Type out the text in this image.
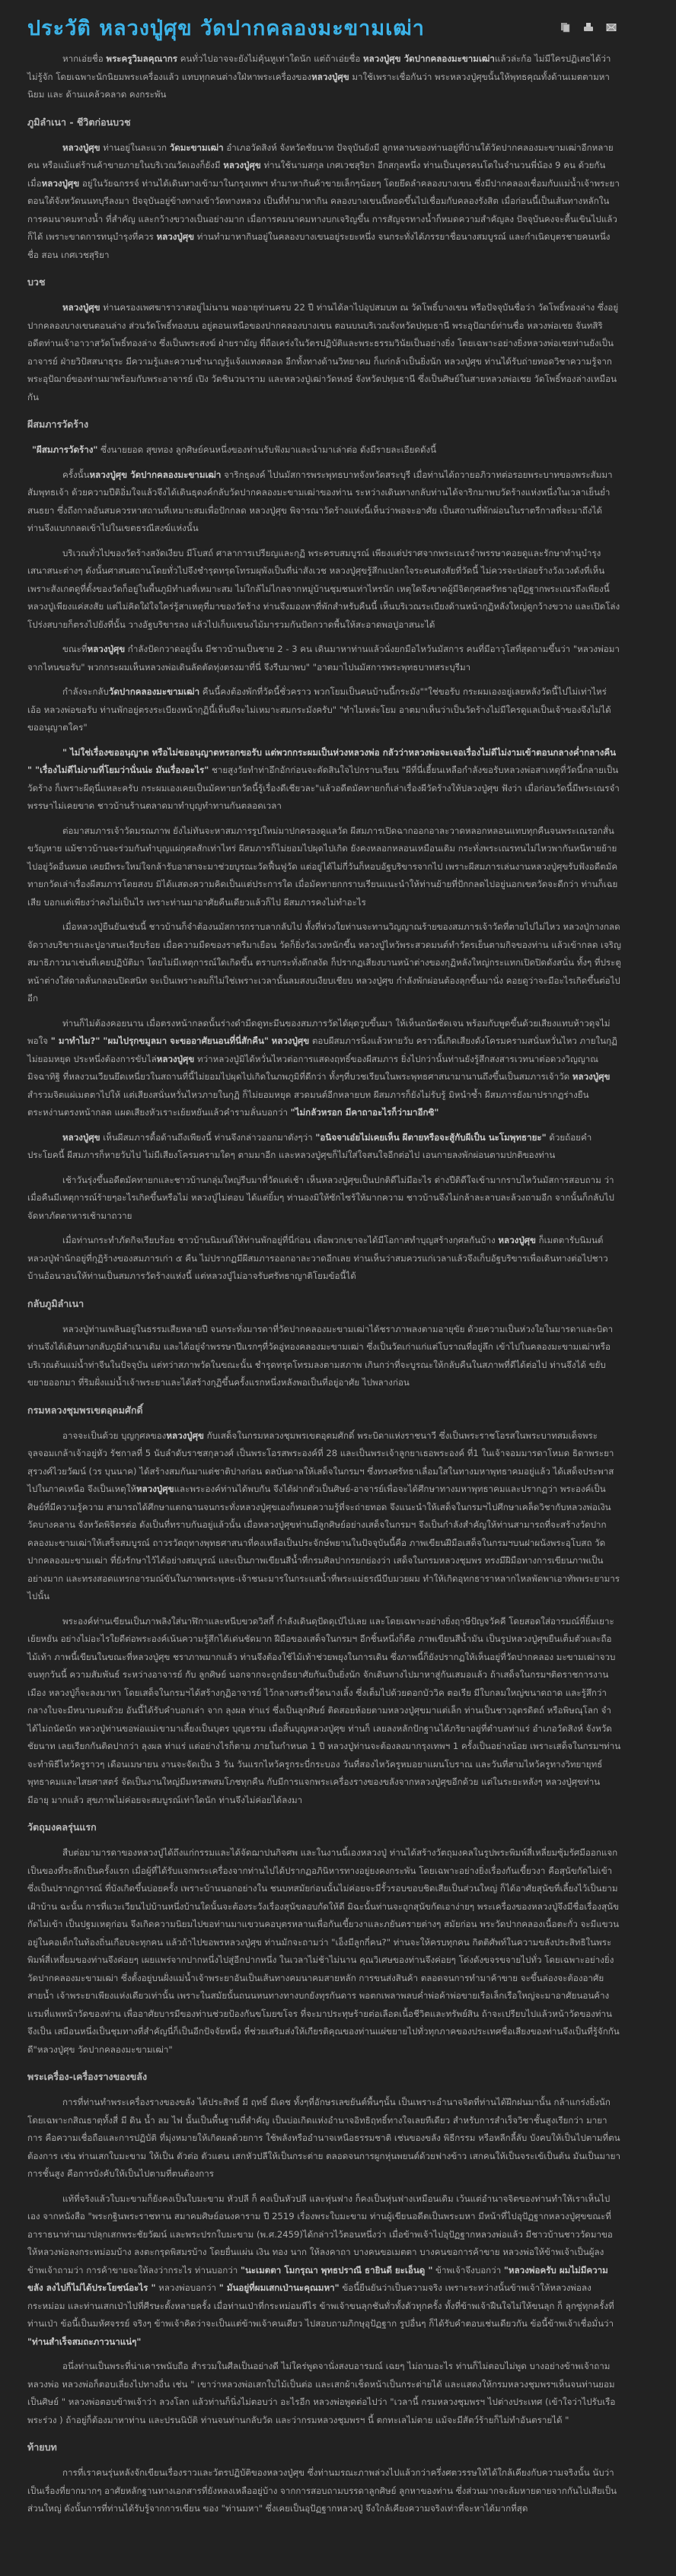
ประวัติ หลวงปู่ศุข วัดปากคลองมะขามเฒ่า

หากเอ่ยชื่อ พระครูวิมลคุณากร คนทั่วไปอาจจะยังไม่คุ้นหูเท่าใดนัก แต่ถ้าเอ่ยชื่อ หลวงปู่ศุข วัดปากคลองมะขามเฒ่าแล้วล่ะก้อ ไม่มีใครปฏิเสธได้ว่าไม่รู้จัก โดยเฉพาะนักนิยมพระเครื่องแล้ว แทบทุกคนต่างใฝ่หาพระเครื่องของหลวงปู่ศุข มาใช้เพราะเชื่อกันว่า พระหลวงปู่ศุขนั้นให้พุทธคุณทั้งด้านเมตตามหานิยม และ ด้านแคล้วคลาด คงกระพัน

ภูมิลำเนา - ชีวิตก่อนบวช

หลวงปู่ศุข ท่านอยู่ในละแวก วัดมะขามเฒ่า อำเภอวัดสิงห์ จังหวัดชัยนาท ปัจจุบันยังมี ลูกหลานของท่านอยู่ที่บ้านใต้วัดปากคลองมะขามเฒ่าอีกหลายคน หรือแม้แต่ร้านค้าขายภายในบริเวณวัดเองก็ยังมี หลวงปู่ศุข ท่านใช้นามสกุล เกศเวชสุริยา อีกสกุลหนึ่ง ท่านเป็นบุตรคนโตในจำนวนพี่น้อง 9 คน ด้วยกัน เมื่อหลวงปู่ศุข อยู่ในวัยฉกรรจ์ ท่านได้เดินทางเข้ามาในกรุงเทพฯ ทำมาหากินค้าขายเล็กๆน้อยๆ โดยยึดลำคลองบางเขน ซึ่งมีปากคลองเชื่อมกับแม่น้ำเจ้าพระยาตอนใต้จังหวัดนนทบุรีลงมา ปัจจุบันอยู่ข้างทางเข้าวัดทางหลวง เป็นที่ทำมาหากิน คลองบางเขนนี้ทอดขึ้นไปเชื่อมกับคลองรังสิต เมื่อก่อนนี้เป็นเส้นทางหลักในการคมนาคมทางน้ำ ที่สำคัญ และกว้างขวางเป็นอย่างมาก เมื่อการคมนาคมทางบกเจริญขึ้น การสัญจรทางน้ำก็หมดความสำคัญลง ปัจจุบันคงจะตื้นเขินไปแล้วก็ได้ เพราะขาดการทนุบำรุงที่ควร หลวงปู่ศุข ท่านทำมาหากินอยู่ในคลองบางเขนอยู่ระยะหนึ่ง จนกระทั่งได้ภรรยาชื่อนางสมบูรณ์ และกำเนิดบุตรชายคนหนึ่งชื่อ สอน เกศเวชสุริยา

บวช

หลวงปู่ศุข ท่านครองเพศฆาราวาสอยู่ไม่นาน พออายุท่านครบ 22 ปี ท่านได้ลาไปอุปสมบท ณ วัดโพธิ์บางเขน หรือปัจจุบันชื่อว่า วัดโพธิ์ทองล่าง ซึ่งอยู่ปากคลองบางเขนตอนล่าง ส่วนวัดโพธิ์ทองบน อยู่ตอนเหนือของปากคลองบางเขน ตอนบนบริเวณจังหวัดปทุมธานี พระอุปัฌาย์ท่านชื่อ หลวงพ่อเชย จันทสิริ อดีตท่านเจ้าอาวาสวัดโพธิ์ทองล่าง ซึ่งเป็นพระสงฆ์ ฝ่ายรามัญ ที่ถือเคร่งในวัตรปฏิบัติและพระธรรมวินัยเป็นอย่างยิ่ง โดยเฉพาะอย่างยิ่งหลวงพ่อเชยท่านยังเป็นอาจารย์ ฝ่ายวิปัสสนาธุระ มีความรู้และความชำนาญรู้แจ้งแทงตลอด อีกทั้งทางด้านวิทยาคม ก็แก่กล้าเป็นยิ่งนัก หลวงปู่ศุข ท่านได้รับถ่ายทอดวิชาความรู้จากพระอุปัฌาย์ของท่านมาพร้อมกับพระอาจารย์ เปิง วัดชินวนาราม และหลวงปู่เฒ่าวัดหงษ์ จังหวัดปทุมธานี ซึ่งเป็นศิษย์ในสายหลวงพ่อเชย วัดโพธิ์ทองล่างเหมือนกัน

ผีสมภารวัดร้าง

"ผีสมภารวัดร้าง" ซึ่งนายยอด สุขทอง ลูกศิษย์คนหนึ่งของท่านรับฟังมาและนำมาเล่าต่อ ดังมีรายละเอียดดังนี้

ครั้งนั้นหลวงปู่ศุข วัดปากคลองมะขามเฒ่า จาริกธุดงค์ ไปนมัสการพระพุทธบาทจังหวัดสระบุรี เมื่อท่านได้ถวายอภิวาทต่อรอยพระบาทของพระสัมมาสัมพุทธเจ้า ด้วยความปีติอิ่มใจแล้วจึงได้เดินธุดงค์กลับวัดปากคลองมะขามเฒ่าของท่าน ระหว่างเดินทางกลับท่านได้จาริกมาพบวัดร้างแห่งหนึ่งในเวลาเย็นย่ำสนธยา ซึ่งถึงกาลอันสมควรหาสถานที่เหมาะสมเพื่อปักกลด หลวงปู่ศุข พิจารณาวัดร้างแห่งนี้เห็นว่าพอจะอาศัย เป็นสถานที่พักผ่อนในราตรีกาลที่จะมาถึงได้ ท่านจึงแบกกลดเข้าไปในเขตธรณีสงฆ์แห่งนั้น

บริเวณทั่วไปของวัดร้างสงัดเงียบ มีโบสถ์ ศาลาการเปรียญและกุฏิ พระครบสมบูรณ์ เพียงแต่ปราศจากพระเณรจำพรรษาคอยดูและรักษาทำนุบำรุง เสนาสนะต่างๆ ดังนั้นศาสนสถานโดยทั่วไปจึงชำรุดทรุดโทรมผุพังเป็นที่น่าสังเวช หลวงปู่ศุขรู้สึกแปลกใจระคนสงสัยที่วัดนี้ ไม่ควรจะปล่อยร้างวังเวงดังที่เห็น เพราะสังเกตดูที่ตั้งของวัดก็อยู่ในพื้นภูมิทำเลที่เหมาะสม ไม่ใกล้ไม่ไกลจากหมู่บ้านชุมชนเท่าไหรนัก เหตุใดจึงขาดผู้มีจิตกุศลศรัทธาอุปัฏฐากพระเณรถึงเพียงนี้ หลวงปู่เพียงแค่สงสัย แต่ไม่คิดใฝ่ใจใคร่รู้สาเหตุที่มาของวัดร้าง ท่านจึงมองหาที่พักสำหรับคืนนี้ เห็นบริเวณระเบียงด้านหน้ากุฏิหลังใหญ่ดูกว้างขวาง และเปิดโล่งโปร่งสบายก็ตรงไปยังที่นั้น วางอัฐบริขารลง แล้วไปเก็บแขนงไม้มารวมกันปัดกวาดพื้นให้สะอาดพอปูอาสนะได้

ขณะที่หลวงปู่ศุข กำลังปัดกวาดอยู่นั้น มีชาวบ้านเป็นชาย 2 - 3 คน เดินมาหาท่านแล้วนั่งยกมือไหว้นมัสการ คนที่มีอาวุโสที่สุดถามขึ้นว่า "หลวงพ่อมาจากไหนขอรับ" พวกกระผมเห็นหลวงพ่อเดินลัดตัดทุ่งตรงมาที่นี่ จึงรีบมาพบ" "อาตมาไปนมัสการพระพุทธบาทสระบุรีมา

กำลังจะกลับวัดปากคลองมะขามเฒ่า คืนนี้คงต้องพักที่วัดนี้ชั่วคราว พวกโยมเป็นคนบ้านนี้กระมัง""ใช่ขอรับ กระผมเองอยู่เลยหลังวัดนี้ไปไม่เท่าไหร่ เอ้อ หลวงพ่อขอรับ ท่านพักอยู่ตรงระเบียงหน้ากุฏินี้เห็นทีจะไม่เหมาะสมกระมังครับ" "ทำไมหล่ะโยม อาตมาเห็นว่าเป็นวัดร้างไม่มีใครดูแลเป็นเจ้าของจึงไม่ได้ขออนุญาตใคร"

" ไม่ใช่เรื่องขออนุญาต หรือไม่ขออนุญาตหรอกขอรับ แต่พวกกระผมเป็นห่วงหลวงพ่อ กลัวว่าหลวงพ่อจะเจอเรื่องไม่ดีไม่งามเข้าตอนกลางค่ำกลางคืน " "เรื่องไม่ดีไม่งามที่โยมว่านั่นน่ะ มันเรื่องอะไร" ชายสูงวัยทำท่าอึกอักก่อนจะตัดสินใจไปกราบเรียน "ผีที่นี่เฮี้ยนเหลือกำลังขอรับหลวงพ่อสาเหตุที่วัดนี้กลายเป็นวัดร้าง ก็เพราะผีดุนี่แหละครับ กระผมเองเคยเป็นมัคทายกวัดนี้รู้เรื่องดีเชียวละ"แล้วอดีตมัคทายกก็เล่าเรื่องผีวัดร้างให้ปลวงปู่ศุข ฟังว่า เมื่อก่อนวัดนี้มีพระเณรจำพรรษาไม่เคยขาด ชาวบ้านร้านตลาดมาทำบุญทำทานกันตลอดเวลา

ต่อมาสมภารเจ้าวัดมรณภาพ ยังไม่ทันจะหาสมภารรูปใหม่มาปกครองดูแลวัด ผีสมภารเปิดฉากออกอาละวาดหลอกหลอนแทบทุกคืนจนพระเณรอกสั่นขวัญหาย แม้ชาวบ้านจะร่วมกันทำบุญแผ่กุศลสักเท่าไหร่ ผีสมภารก็ไม่ยอมไปผุดไปเกิด ยังคงหลอกหลอนเหมือนเดิม กระทั่งพระเณรทนไม่ไหวพากันหนีหายย้ายไปอยู่วัดอื่นหมด เคยมีพระใหม่ใจกล้ารับอาสาจะมาช่วยบูรณะวัดฟื้นฟูวัด แต่อยู่ได้ไม่กี่วันก็หอบอัฐบริขารจากไป เพราะผีสมภารเล่นงานหลวงปู่ศุขรับฟังอดีตมัคทายกวัดเล่าเรื่องผีสมภารโดยสงบ มิได้แสดงความคิดเป็นแต่ประการใด เมื่อมัคทายกกราบเรียนแนะนำให้ท่านย้ายที่ปักกลดไปอยู่นอกเขตวัดจะดีกว่า ท่านก็เฉยเสีย บอกแต่เพียงว่าคงไม่เป็นไร เพราะท่านมาอาศัยคืนเดียวแล้วก็ไป ผีสมภารคงไม่ทำอะไร

เมื่อหลวงปู่ยืนยันเช่นนี้ ชาวบ้านก็จำต้องนมัสการกราบลากลับไป ทั้งที่ห่วงใยท่านจะทานวิญญาณร้ายของสมภารเจ้าวัดที่ตายไปไม่ไหว หลวงปู่กางกลด จัดวางบริขารและปูอาสนะเรียบร้อย เมื่อความมืดของราตรีมาเยือน วัดก็ยิ่งวังเวงหนักขึ้น หลวงปู่ไหว้พระสวดมนต์ทำวัตรเย็นตามกิจของท่าน แล้วเข้ากลด เจริญสมาธิภาวนาเช่นที่เคยปฏิบัติมา โดยไม่มีเหตุการณ์ใดเกิดขึ้น ตราบกระทั่งดึกสงัด ก็ปรากฏเสียงบานหน้าต่างของกุฏิหลังใหญ่กระแทกเปิดปิดดังสนั่น ทั้งๆ ที่ประตูหน้าต่างใส่ดาลลั่นกลอนปิดสนิท จะเป็นเพราะลมก็ไม่ใช่เพราะเวลานั้นลมสงบเงียบเชียบ หลวงปู่ศุข กำลังพักผ่อนต้องลุกขึ้นมานั่ง คอยดูว่าจะมีอะไรเกิดขึ้นต่อไปอีก

ท่านก็ไม่ต้องคอยนาน เมื่อตรงหน้ากลดนั้นร่างดำมืดดูทะมึนของสมภารวัดได้ผุดวูบขึ้นมา ให้เห็นถนัดชัดเจน พร้อมกับพูดขึ้นด้วยเสียงแทบห้าวดุจไม่พอใจ " มาทำไม?" "ผมไปรุกขมูลมา จะขออาศัยนอนที่นี่สักคืน" หลวงปู่ศุข ตอบผีสมภารนิ่งแล้วหายวับ คราวนี้เกิดเสียงดังโครมครามสนั่นหวั่นไหว ภายในกุฏิไม่ยอมหยุด ประหนึ่งต้องการขับไล่หลวงปู่ศุข ทว่าหลวงปู่มิได้หวั่นไหวต่อการแสดงฤทธิ์ของผีสมภาร ยิ่งไปกว่านั้นท่านยังรู้สึกสงสารเวทนาต่อดวงวิญญาณมิจฉาทิฐิ ที่หลงวนเวียนยึดเหนี่ยวในสถานที่นี้ไม่ยอมไปผุดไปเกิดในภพภูมิที่ดีกว่า ทั้งๆที่บวชเรียนในพระพุทธศาสนามานานถึงขึ้นเป็นสมภารเจ้าวัด หลวงปู่ศุข สำรวมจิตแผ่เมตตาไปให้ แต่เสียงสนั่นหวั่นไหวภายในกุฏิ ก็ไม่ยอมหยุด สวดมนต์อีกหลายบท ผีสมภารก็ยังไม่รับรู้ มิหนำซ้ำ ผีสมภารยังมาปรากฏร่างยืนตระหง่านตรงหน้ากลด แผดเสียงหัวเราะเย้ยหยันแล้วคำรามลั่นบอกว่า "ไม่กลัวหรอก มีคาถาอะไรก็ว่ามาอีกซิ"

หลวงปู่ศุข เห็นผีสมภารดื้อด้านถึงเพียงนี้ ท่านจึงกล่าวออกมาดังๆว่า "อนิจจาเอ๋ยไม่เคยเห็น ผีตายหรือจะสู้กับผีเป็น นะโมพุทธายะ" ด้วยถ้อยคำประโยคนี้ ผีสมภารก็หายวับไป ไม่มีเสียงโครมครามใดๆ ตามมาอีก และหลวงปู่ศุขก็ไม่ใส่ใจสนใจอีกต่อไป เอนกายลงพักผ่อนตามปกติของท่าน

เช้าวันรุ่งขึ้นอดีตมัคทายกและชาวบ้านกลุ่มใหญ่รีบมาที่วัดแต่เช้า เห็นหลวงปู่ศุขเป็นปกติดีไม่มีอะไร ต่างปีติดีใจเข้ามากราบไหว้นมัสการสอบถาม ว่าเมื่อคืนมีเหตุการณ์ร้ายๆอะไรเกิดขึ้นหรือไม่ หลวงปู่ไม่ตอบ ได้แต่ยิ้มๆ ท่านองมิให้ซักไซร้ให้มากความ ชาวบ้านจึงไม่กล้าละลาบละล้วงถามอีก จากนั้นก็กลับไปจัดหาภัตตาหารเช้ามาถวาย

เมื่อท่านกระทำภัตกิจเรียบร้อย ชาวบ้านนิมนต์ให้ท่านพักอยู่ที่นี่ก่อน เพื่อพวกเขาจะได้มีโอกาสทำบุญสร้างกุศลกันบ้าง หลวงปู่ศุข ก็เมตตารับนิมนต์ หลวงปู่พำนักอยู่ที่กุฏิร้างของสมภารเก่า ๕ คืน ไม่ปรากฏมีผีสมภารออกอาละวาดอีกเลย ท่านเห็นว่าสมควรแก่เวลาแล้วจึงเก็บอัฐบริขารเพื่อเดินทางต่อไปชาวบ้านอ้อนวอนให้ท่านเป็นสมภารวัดร้างแห่งนี้ แต่หลวงปู่ไม่อาจรับศรัทธาญาติโยมข้อนี้ได้

กลับภูมิลำเนา

หลวงปู่ท่านเพลินอยู่ในธรรมเสียหลายปี จนกระทั่งมารดาที่วัดปากคลองมะขามเฒ่าได้ชราภาพลงตามอายุขัย ด้วยความเป็นห่วงใยในมารดาและบิดา ท่านจึงได้เดินทางกลับภูมิลำเนาเดิม และได้อยู่จำพรรษาปีแรกๆที่วัดอู่ทองคลองมะขามเฒ่า ซึ่งเป็นวัดเก่าแก่แต่โบราณที่อยู่ลึก เข้าไปในคลองมะขามเฒ่าหรือบริเวณต้นแม่น้ำท่าจีนในปัจจุบัน แต่ทว่าสภาพวัดในขณะนั้น ชำรุดทรุดโทรมลงตามสภาพ เกินกว่าที่จะบูรณะให้กลับคืนในสภาพที่ดีได้ต่อไป ท่านจึงได้ ขยับขยายออกมา ที่ริมฝั่งแม่น้ำเจ้าพระยาและได้สร้างกุฏิขึ้นครั้งแรกหนึ่งหลังพอเป็นที่อยู่อาศัย ไปพลางก่อน

กรมหลวงชุมพรเขตอุดมศักดิ์

อาจจะเป็นด้วย บุญกุศลของหลวงปู่ศุข กับเสด็จในกรมหลวงชุมพรเขตอุดมศักดิ์ พระบิดาแห่งราชนาวี ซึ่งเป็นพระราชโอรสในพระบาทสมเด็จพระจุลจอมเกล้าเจ้าอยู่หัว รัชกาลที่ 5 นับลำดับราชสกุลวงศ์ เป็นพระโอรสพระองค์ที่ 28 และเป็นพระเจ้าลูกยาเธอพระองค์ ที่1 ในเจ้าจอมมารดาโหมด ธิดาพระยาสุรวงศ์ไวยวัฒน์ (วร บุนนาค) ได้สร้างสมกันมาแต่ชาติปางก่อน ดลบันดาลให้เสด็จในกรมฯ ซึ่งทรงศรัทธาเลื่อมใสในทางมหาพุทธาคมอยู่แล้ว ได้เสด็จประพาสไปในภาคเหนือ จึงเป็นเหตุให้หลวงปู่ศุขและพระองค์ท่านได้พบกัน จึงได้ฝากตัวเป็นศิษย์-อาจารย์เพื่อจะได้ศึกษาทางมหาพุทธาคมและปรากฏว่า พระองค์เป็นศิษย์ที่มีความรู้ความ สามารถได้ศึกษาแตกฉานจนกระทั่งหลวงปู่ศุขเองก็หมดความรู้ที่จะถ่ายทอด จึงแนะนำให้เสด็จในกรมฯไปศึกษาเคล็ดวิชากับหลวงพ่อเงินวัดบางคลาน จังหวัดพิจิตรต่อ ดังเป็นที่ทราบกันอยู่แล้วนั้น เมื่อหลวงปู่ศุขท่านมีลูกศิษย์อย่างเสด็จในกรมฯ จึงเป็นกำลังสำคัญให้ท่านสามารถที่จะสร้างวัดปากคลองมะขามเฒ่าให้เสร็จสมบูรณ์ ถาวรวัตถุทางพุทธศาสนาที่คงเหลือเป็นประจักษ์พยานในปัจจุบันนี้คือ ภาพเขียนฝีมือเสด็จในกรมฯบนฝาผนังพระอุโบสถ วัดปากคลองมะขามเฒ่า ที่ยังรักษาไว้ได้อย่างสมบูรณ์ และเป็นภาพเขียนสีน้ำที่กรมศิลปากรยกย่องว่า เสด็จในกรมหลวงชุมพร ทรงมีฝีมือทางการเขียนภาพเป็นอย่างมาก และทรงสอดแทรกอารมณ์ขันในภาพพระพุทธ-เจ้าชนะมารในกระแสน้ำที่พระแม่ธรณีบีบมวยผม ทำให้เกิดอุทกธาราหลากไหลพัดพาเอาทัพพระยามารไปนั้น

พระองค์ท่านเขียนเป็นภาพลิงใส่นาฬิกาและหนีบขวดวิสกี้ กำลังเดินดุปัดดุเป๋ไปเลย และโดยเฉพาะอย่างยิ่งฤาษีปัญจวัคคี โดยสอดใส่อารมณ์ที่ยิ้มเยาะเย้ยหยัน อย่างไม่อะไรใยดีต่อพระองค์เน้นความรู้สึกได้เด่นชัดมาก ฝีมือของเสด็จในกรมฯ อีกชิ้นหนึ่งก็คือ ภาพเขียนสีน้ำมัน เป็นรูปหลวงปู่ศุขยืนเต็มตัวและถือไม้เท้า ภาพนี้เขียนในขณะที่หลวงปู่ศุข ชราภาพมากแล้ว ท่านจึงต้องใช้ไม้เท้าช่วยพยุงในการเดิน ซึ่งภาพนี้ก็ยังปรากฏให้เห็นอยู่ที่วัดปากคลอง มะขามเฒ่าจวบจนทุกวันนี้ ความสัมพันธ์ ระหว่างอาจารย์ กับ ลูกศิษย์ นอกจากจะถูกอัธยาศัยกันเป็นยิ่งนัก จักเดินทางไปมาหาสู่กันเสมอแล้ว ถ้าเสด็จในกรมฯติดราชการงานเมือง หลวงปู่ก็จะลงมาหา โดยเสด็จในกรมฯได้สร้างกุฏิอาจารย์ ไว้กลางสระที่วัดนางเลิ้ง ซึ่งเต็มไปด้วยดอกบัววิค ตอเรีย มีใบกลมใหญ่ขนาดถาด และรู้สึกว่ากลางใบจะมีหนามคมด้วย อันนี้ได้รับคำบอกเล่า จาก ลุงผล ท่าแร่ ซึ่งเป็นลูกศิษย์ ติดสอยห้อยตามหลวงปู่ศุขมาแต่เล็ก ท่านเป็นชาวอุตรดิตถ์ หรือพิษณุโลก จำได้ไม่ถนัดนัก หลวงปู่ท่านขอพ่อแม่เขามาเลี้ยงเป็นบุตร บุญธรรม เมื่อสิ้นบุญหลวงปู่ศุข ท่านก็ เลยลงหลักปักฐานได้ภริยาอยู่ที่ตำบลท่าแร่ อำเภอวัดสิงห์ จังหวัดชัยนาท เลยเรียกกันติดปากว่า ลุงผล ท่าแร่ แต่อย่างไรก็ตาม ภายในกำหนด 1 ปี หลวงปู่ท่านจะต้องลงมากรุงเทพฯ 1 ครั้งเป็นอย่างน้อย เพราะเสด็จในกรมฯท่านจะทำพิธีไหว้ครูราวๆ เดือนเมษายน งานจะจัดเป็น 3 วัน วันแรกไหว้ครูกระบี่กระบอง วันที่สองไหว้ครูหมอยาแผนโบราณ และวันที่สามไหว้ครูทางวิทยายุทธ์ พุทธาคมและไสยศาสตร์ จัดเป็นงานใหญ่มีมหรสพสมโภชทุกคืน กับมีการแจกพระเครื่องรางของขลังจากหลวงปู่ศุขอีกด้วย แต่ในระยะหลังๆ หลวงปู่ศุขท่านมีอายุ มากแล้ว สุขภาพไม่ค่อยจะสมบูรณ์เท่าใดนัก ท่านจึงไม่ค่อยได้ลงมา

วัตถุมงคลรุ่นแรก

สืบต่อมามารดาของหลวงปู่ได้ถึงแก่กรรมและได้จัดฌาปนกิจศพ และในงานนี้เองหลวงปู่ ท่านได้สร้างวัตถุมงคลในรูปพระพิมพ์สี่เหลี่ยมซุ้มรัศมีออกแจกเป็นของที่ระลึกเป็นครั้งแรก เมื่อผู้ที่ได้รับแจกพระเครื่องจากท่านไปได้ปรากฏอภินิหารทางอยู่ยงคงกระพัน โดยเฉพาะอย่างยิ่งเรื่องกันเขี้ยวงา คือสุนัขกัดไม่เข้า ซึ่งเป็นปรากฏการณ์ ที่บังเกิดขึ้นบ่อยครั้ง เพราะบ้านนอกอย่างใน ชนบทสมัยก่อนนั้นไม่ค่อยจะมีรั้วรอบขอบชิดเสียเป็นส่วนใหญ่ ก็ได้อาศัยสุนัขที่เลี้ยงไว้เป็นยามเฝ้าบ้าน ฉะนั้น การที่แวะเวียนไปบ้านหนึ่งบ้านใดนั้นจะต้องระวังเรื่องสุนัขลอบกัดให้ดี มิฉะนั้นท่านจะถูกสุนัขกัดเอาง่ายๆ พระเครื่องของหลวงปู่จึงมีชื่อเรื่องสุนัขกัดไม่เข้า เป็นปฐมเหตุก่อน จึงเกิดความนิยมไปขอท่านมาแขวนคอบุตรหลานเพื่อกันเขี้ยวงาและภยันตรายต่างๆ สมัยก่อน พระวัดปากคลองเนื้อตะกั่ว จะมีแขวนอยู่ในคอเด็กในท้องถิ่นเกือบจะทุกคน แล้วถ้าไปขอพรหลวงปู่ศุข ท่านมักจะถามว่า "เอ็งมีลูกกี่คน?" ท่านจะให้ครบทุกคน กิตติศัพท์ในความขลังประสิทธิในพระพิมพ์สี่เหลี่ยมของท่านจึงค่อยๆ เผยแพร่จากปากหนึ่งไปสู่อีกปากหนึ่ง ในเวลาไม่ช้าไม่นาน คุณวิเศษของท่านจึงค่อยๆ โด่งดังขจรขจายไปทั่ว โดยเฉพาะอย่างยิ่งวัดปากคลองมะขามเฒ่า ซึ่งตั้งอยู่บนฝั่งแม่น้ำเจ้าพระยาอันเป็นเส้นทางคมนาคมสายหลัก การขนส่งสินค้า ตลอดจนการทำมาค้าขาย จะขึ้นล่องจะต้องอาศัยสายน้ำ เจ้าพระยาเพียงแห่งเดียวเท่านั้น เพราะในสมัยนั้นถนนหนทางทางบกยังทุรกันดาร พอตกเพลาพลบค่ำพ่อค้าพ่อขายเรือเล็กเรือใหญ่จะมาอาศัยนอนค้างแรมที่แพหน้าวัดของท่าน เพื่ออาศัยบารมีของท่านช่วยป้องกันขโมยขโจร ที่จะมาประทุษร้ายต่อเลือดเนื้อชีวิตและทรัพย์สิน ถ้าจะเปรียบไปแล้วหน้าวัดของท่านจึงเป็น เสมือนหนึ่งเป็นชุมทางที่สำคัญนี่ก็เป็นอีกปัจจัยหนึ่ง ที่ช่วยเสริมส่งให้เกียรติคุณของท่านแผ่ขยายไปทั่วทุกภาคของประเทศชื่อเสียงของท่านจึงเป็นที่รู้จักกันดี"หลวงปู่ศุข วัดปากคลองมะขามเฒ่า"

พระเครื่อง-เครื่องรางของขลัง

การที่ท่านทำพระเครื่องรางของขลัง ได้ประสิทธิ์ มี ฤทธิ์ มีเดช ทั้งๆที่อักษรเลขยันต์พื้นๆนั้น เป็นเพราะอำนาจจิตที่ท่านได้ฝึกฝนมานั้น กล้าแกร่งยิ่งนัก โดยเฉพาะกสิณธาตุทั้งสี่ มี ดิน น้ำ ลม ไฟ นั้นเป็นพื้นฐานที่สำคัญ เป็นบ่อเกิดแห่งอำนาจอิทธิฤทธิ์ทางใจเลยทีเดียว สำหรับการสำเร็จวิชาชั้นสูงเรียกว่า มายาการ คือความเชื่อถือและการปฏิบัติ ที่มุ่งหมายให้เกิดผลด้วยการ ใช้พลังหรืออำนาจเหนือธรรมชาติ เช่นของขลัง พิธีกรรม หรือหลีกลี้ลับ บังคบให้เป็นไปตามที่ตนต้องการ เช่น ท่านเสกใบมะขาม ให้เป็น ตัวต่อ ตัวแตน เสกหัวปลีให้เป็นกระต่าย ตลอดจนการผูกหุ่นพยนต์ด้วยฟางข้าว เสกคนให้เป็นจระเข้เป็นต้น มันเป็นมายาการชั้นสูง คือการบังคับให้เป็นไปตามที่ตนต้องการ

แท้ที่จริงแล้วใบมะขามก็ยังคงเป็นใบมะขาม หัวปลี ก็ คงเป็นหัวปลี และหุ่นฟาง ก็คงเป็นหุ่นฟางเหมือนเดิม เว้นแต่อำนาจจิตของท่านทำให้เราเห็นไปเอง จากหนังสือ "พระกฐินพระราชทาน สมาคมศิษย์อนงคาราม ปี 2519 เรื่องพระใบมะขาม ท่านผู้เขียนอดีตเป็นพระมหา มีหน้าที่ไปอุปัฏฐากหลวงปู่ศุขขณะที่อาราธนาท่านมาปลุกเสกพระชัยวัฒน์ และพระปรกใบมะขาม (พ.ศ.2459)ได้กล่าวไว้ตอนหนึ่งว่า เมื่อข้าพเจ้าไปอุปัฏฐากหลวงพ่อแล้ว มีชาวบ้านชาววัดมาขอให้หลวงพ่อลงกระหม่อมบ้าง ลงตะกรุดพิสมรบ้าง โดยยื่นแผ่น เงิน ทอง นาก ให้ลงคาถา บางคนขอเมตตา บางคนขอการค้าขาย หลวงพ่อให้ข้าพเจ้าเป็นผู้ลง ข้าพเจ้าถามว่า การค้าขายจะให้ลงว่ากระไร ท่านบอกว่า "นะเมตตา โมกรุณา พุทธปราณี ธายินดี ยะเอ็นดู " ข้าพเจ้าจึงบอกว่า "หลวงพ่อครับ ผมไม่มีความขลัง ลงไปก็ไม่ได้ประโยชน์อะไร " หลวงพ่อบอกว่า " มันอยู่ที่ผมเสกเป่านะคุณมหา" ข้อนี้ยืนยันว่าเป็นความจริง เพราะระหว่างนั้นข้าพเจ้าให้หลวงพ่อลงกระหม่อม และท่านเสกเป่าไปที่ศีรษะตั้งหลายครั้ง เมื่อท่านเป่าที่กระหม่อมทีไร ข้าพเจ้าขนลุกชันทั่วทั้งตัวทุกครั้ง ทั้งที่ข้าพเจ้าฝืนใจไม่ให้ขนลุก ก็ ลุกซู่ทุกครั้งที่ท่านเป่า ข้อนี้เป็นมหัศจรรย์ จริงๆ ข้าพเจ้าคิดว่าจะเป็นแต่ข้าพเจ้าคนเดียว ไปสอบถามภิกษุอุปัฏฐาก รูปอื่นๆ ก็ได้รับคำตอบเช่นเดียวกัน ข้อนี้ข้าพเจ้าเชื่อมั่นว่า "ท่านสำเร็จสมถะภาวนาแน่ๆ"

อนึ่งท่านเป็นพระที่น่าเคารพนับถือ สำรวมในศีลเป็นอย่างดี ไม่ใคร่พูดจานั่งสงบอารมณ์ เฉยๆ ไม่ถามอะไร ท่านก็ไม่ตอบไม่พูด บางอย่างข้าพเจ้าถามหลวงพ่อ หลวงพ่อก็ตอบเลี่ยงไปทางอื่น เช่น " เขาว่าหลวงพ่อเสกใบไม้เป็นต่อ และเสกผ้าเช็ดหน้าเป็นกระต่ายได้ และแสดงให้กรมหลวงชุมพรฯเห็นจนท่านยอมเป็นศิษย์ " หลวงพ่อตอบข้าพเจ้าว่า ลวงโลก แล้วท่านก็นิ่งไม่ตอบว่า อะไรอีก หลวงพ่อพูดต่อไปว่า "เวลานี้ กรมหลวงชุมพรฯ ไปต่างประเทศ (เข้าใจว่าไปรับเรือพระร่วง ) ถ้าอยู่ก็ต้องมาหาท่าน และปรนนิบัติ ท่านจนท่านกลับวัด และว่ากรมหลวงชุมพรฯ นี้ ตกทะเลไม่ตาย แม้จะมีสัตว์ร้ายก็ไม่ทำอันตรายได้ "

ท้ายบท

การที่เราคนรุ่นหลังจักเขียนเรื่องราวและวัตรปฏิบัติของหลวงปู่ศุข ซึ่งท่านมรณะภาพล่วงไปแล้วกว่าครึ่งศตวรรษให้ได้ใกล้เคียงกับความจริงนั้น นับว่าเป็นเรื่องที่ยากมากๆ อาศัยหลักฐานทางเอกสารที่ยังหลงเหลืออยู่บ้าง จากการสอบถามบรรดาลูกศิษย์ ลูกหาของท่าน ซึ่งส่วนมากจะล้มหายตายจากกันไปเสียเป็นส่วนใหญ่ ดังนั้นการที่ท่านได้รับรู้จากการเขียน ของ "ท่านมหา" ซึ่งเคยเป็นอุปัฏฐากหลวงปู่ จึงใกล้เคียงความจริงเท่าที่จะหาได้มากที่สุด
